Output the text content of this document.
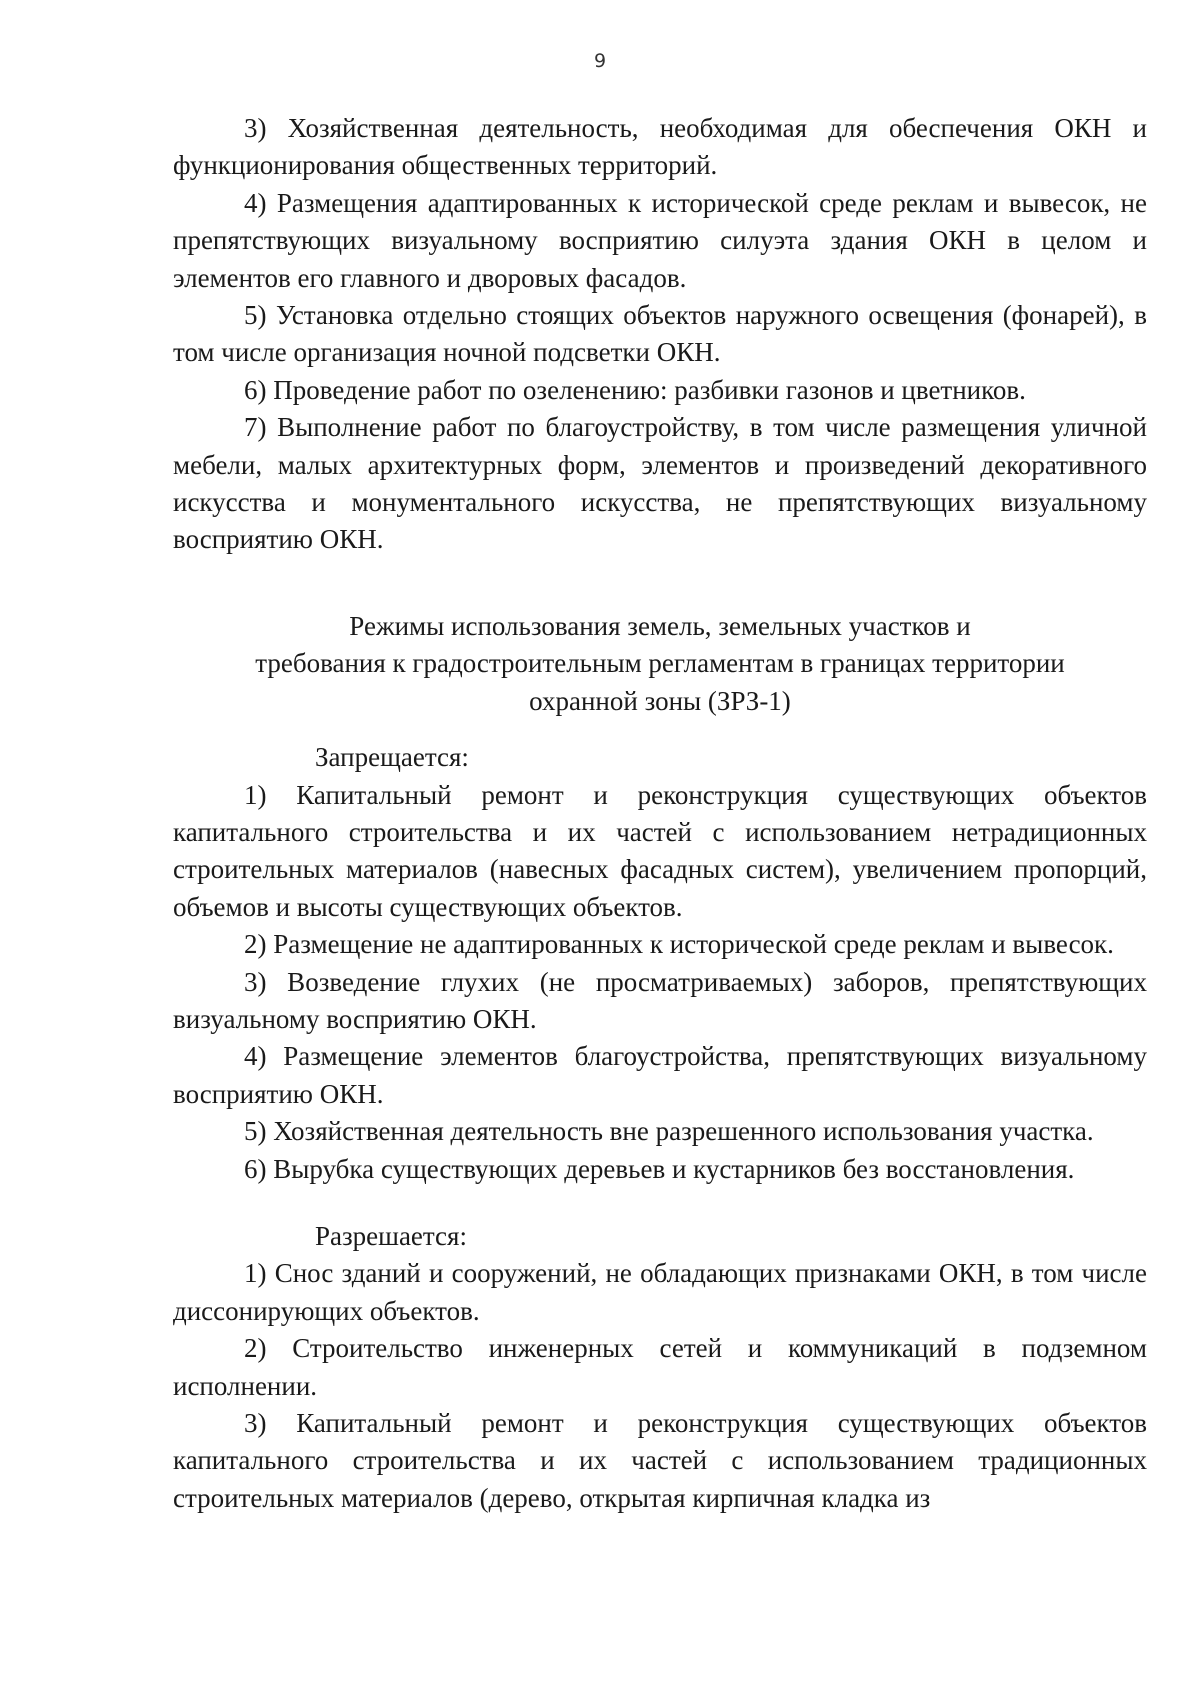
9

3) Хозяйственная деятельность, необходимая для обеспечения ОКН и функционирования общественных территорий.

4) Размещения адаптированных к исторической среде реклам и вывесок, не препятствующих визуальному восприятию силуэта здания ОКН в целом и элементов его главного и дворовых фасадов.

5) Установка отдельно стоящих объектов наружного освещения (фонарей), в том числе организация ночной подсветки ОКН.

6) Проведение работ по озеленению: разбивки газонов и цветников.

7) Выполнение работ по благоустройству, в том числе размещения уличной мебели, малых архитектурных форм, элементов и произведений декоративного искусства и монументального искусства, не препятствующих визуальному восприятию ОКН.

Режимы использования земель, земельных участков и

требования к градостроительным регламентам в границах территории

охранной зоны (ЗРЗ-1)

Запрещается:

1) Капитальный ремонт и реконструкция существующих объектов капитального строительства и их частей с использованием нетрадиционных строительных материалов (навесных фасадных систем), увеличением пропорций, объемов и высоты существующих объектов.

2) Размещение не адаптированных к исторической среде реклам и вывесок.

3) Возведение глухих (не просматриваемых) заборов, препятствующих визуальному восприятию ОКН.

4) Размещение элементов благоустройства, препятствующих визуальному восприятию ОКН.

5) Хозяйственная деятельность вне разрешенного использования участка.

6) Вырубка существующих деревьев и кустарников без восстановления.

Разрешается:

1) Снос зданий и сооружений, не обладающих признаками ОКН, в том числе диссонирующих объектов.

2) Строительство инженерных сетей и коммуникаций в подземном исполнении.

3) Капитальный ремонт и реконструкция существующих объектов капитального строительства и их частей с использованием традиционных строительных материалов (дерево, открытая кирпичная кладка из
